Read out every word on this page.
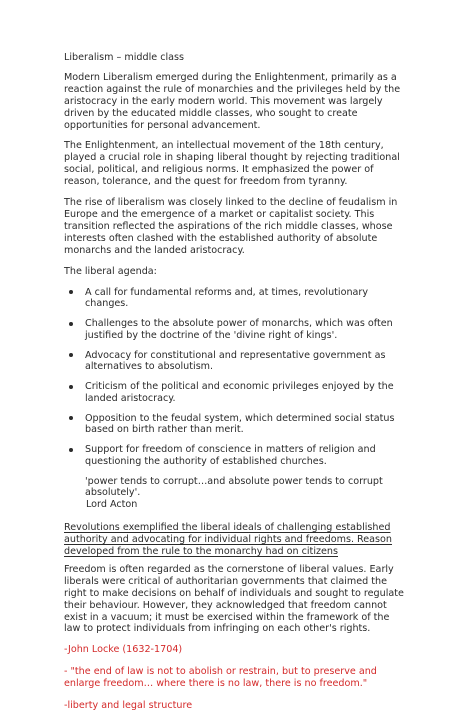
Liberalism – middle class

Modern Liberalism emerged during the Enlightenment, primarily as a reaction against the rule of monarchies and the privileges held by the aristocracy in the early modern world. This movement was largely driven by the educated middle classes, who sought to create opportunities for personal advancement.

The Enlightenment, an intellectual movement of the 18th century, played a crucial role in shaping liberal thought by rejecting traditional social, political, and religious norms. It emphasized the power of reason, tolerance, and the quest for freedom from tyranny.

The rise of liberalism was closely linked to the decline of feudalism in Europe and the emergence of a market or capitalist society. This transition reflected the aspirations of the rich middle classes, whose interests often clashed with the established authority of absolute monarchs and the landed aristocracy.

The liberal agenda:

A call for fundamental reforms and, at times, revolutionary changes.
Challenges to the absolute power of monarchs, which was often justified by the doctrine of the 'divine right of kings'.
Advocacy for constitutional and representative government as alternatives to absolutism.
Criticism of the political and economic privileges enjoyed by the landed aristocracy.
Opposition to the feudal system, which determined social status based on birth rather than merit.
Support for freedom of conscience in matters of religion and questioning the authority of established churches.

'power tends to corrupt…and absolute power tends to corrupt absolutely'.
Lord Acton

Revolutions exemplified the liberal ideals of challenging established authority and advocating for individual rights and freedoms. Reason developed from the rule to the monarchy had on citizens

Freedom is often regarded as the cornerstone of liberal values. Early liberals were critical of authoritarian governments that claimed the right to make decisions on behalf of individuals and sought to regulate their behaviour. However, they acknowledged that freedom cannot exist in a vacuum; it must be exercised within the framework of the law to protect individuals from infringing on each other's rights.

-John Locke (1632-1704)

- "the end of law is not to abolish or restrain, but to preserve and enlarge freedom… where there is no law, there is no freedom."

-liberty and legal structure
